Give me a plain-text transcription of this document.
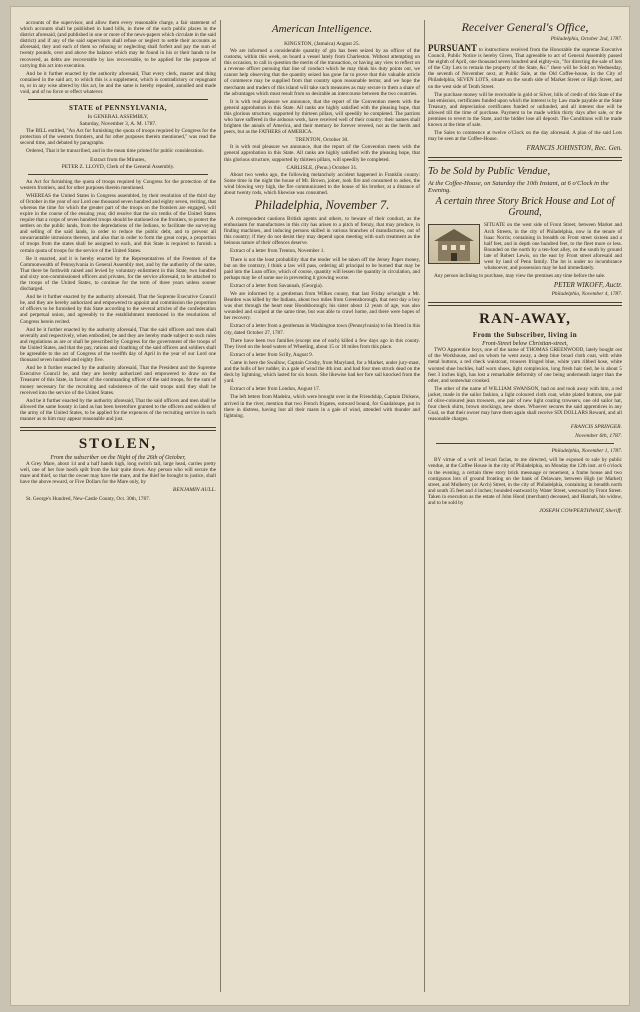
accounts of the supervisor, and allow them every reasonable charge, a fair statement of which accounts shall be published in hand bills, in three of the such public places in the district aforesaid, (and published in one or more of the news-papers which circulate in the said district) and if any of the said supervisors shall refuse or neglect to settle their accounts as aforesaid, they and each of them so refusing or neglecting shall forfeit and pay the sum of twenty pounds, over and above the balance which may be found in his or their hands to be recovered, as debts are recoverable by law recoverable, to be applied for the purpose of carrying this act into execution.

And be it further enacted by the authority aforesaid, That every clerk, master and thing contained in the said act, to which this is a supplement, which is contradictory or repugnant to, or in any wise altered by this act, be and the same is hereby repealed, annulled and made void, and of no force or effect whatever.

STATE of PENNSYLVANIA,
In GENERAL ASSEMBLY,
Saturday, November 3, A. M. 1787.

The BILL entitled, "An Act for furnishing the quota of troops required by Congress for the protection of the western frontiers, and for other purposes therein mentioned," was read the second time, and debated by paragraphs.

Ordered, That it be transcribed, and in the mean time printed for public consideration.

Extract from the Minutes,
PETER Z. LLOYD, Clerk of the General Assembly.

An Act for furnishing the quota of troops required by Congress for the protection of the western frontiers, and for other purposes therein mentioned.

WHEREAS the United States in Congress assembled, by their resolution of the third day of October in the year of our Lord one thousand seven hundred and eighty seven, reciting, that whereas the time for which the greater part of the troops on the frontiers are engaged, will expire in the course of the ensuing year, did resolve that the six tenths of the United States require that a corps of seven hundred troops should be stationed on the frontiers, to protect the settlers on the public lands, from the depredations of the Indians, to facilitate the surveying and selling of the said lands, in order to reduce the public debt, and to prevent all unwarrantable intrusions thereon, and also that in order to form the great corps, a proportion of troops from the states shall be assigned to each, and this State is required to furnish a certain quota of troops for the service of the United States.

Be it enacted, and it is hereby enacted by the Representatives of the Freemen of the Commonwealth of Pennsylvania in General Assembly met, and by the authority of the same, That there be forthwith raised and levied by voluntary enlistment in this State, two hundred and sixty non-commissioned officers and privates, for the service aforesaid, to be attached to the troops of the United States, to continue for the term of three years unless sooner discharged.

And be it further enacted by the authority aforesaid, That the Supreme Executive Council be, and they are hereby authorized and empowered to appoint and commission the proportion of officers to be furnished by this State according to the several articles of the confederation and perpetual union, and agreeably to the establishment mentioned in the resolutions of Congress herein recited.

And be it further enacted by the authority aforesaid, That the said officers and men shall severally and respectively, when embodied, be and they are hereby made subject to such rules and regulations as are or shall be prescribed by Congress for the government of the troops of the United States, and that the pay, rations and cloathing of the said officers and soldiers shall be agreeable to the act of Congress of the twelfth day of April in the year of our Lord one thousand seven hundred and eighty five.

And be it further enacted by the authority aforesaid, That the President and the Supreme Executive Council be, and they are hereby authorized and empowered to draw on the Treasurer of this State, in favour of the commanding officer of the said troops, for the sum of money necessary for the recruiting and subsistence of the said troops until they shall be received into the service of the United States.

And be it further enacted by the authority aforesaid, That the said officers and men shall be allowed the same bounty in land as has been heretofore granted to the officers and soldiers of the army of the United States, to be applied for the expences of the recruiting service in such manner as to him may appear reasonable and just.

STOLEN,
From the subscriber on the Night of the 26th of October,

A Grey Mare, about 14 and a half hands high, long switch tail, large head, carries pretty well, one of her fore hoofs split from the hair quite down. Any person who will secure the mare and thief, so that the owner may have the mare, and the thief be brought to justice, shall have the above reward, or Five Dollars for the Mare only, by

BENJAMIN AULL.

St. George's Hundred, New-Castle County, Oct. 30th, 1787.

American Intelligence.
KINGSTON, (Jamaica) August 25.

We are informed a considerable quantity of gin has been seized by an officer of the customs, within this week, on board a vessel lately from Charleston. Without attempting on this occasion, to call in question the merits of the transaction, or having any view to reflect on a revenue officer pursuing that line of conduct which he may think his duty points out, we cannot help observing that the quantity seized has gone far to prove that this valuable article of commerce may be supplied from that country upon reasonable terms; and we hope the merchants and traders of this island will take such measures as may secure to them a share of the advantages which must result from so desirable an intercourse between the two countries.

It is with real pleasure we announce, that the report of the Convention meets with the general approbation in this State. All ranks are highly satisfied with the pleasing hope, that this glorious structure, supported by thirteen pillars, will speedily be completed. The patriots who have suffered in the arduous work, have received well of their country: their names shall brighten the annals of America, and their memory be forever revered, not as the herds and peers, but as the FATHERS of AMERICA.

TRENTON, October 30.

It is with real pleasure we announce, that the report of the Convention meets with the general approbation in this State. All ranks are highly satisfied with the pleasing hope, that this glorious structure, supported by thirteen pillars, will speedily be completed.

CARLISLE, (Penn.) October 31.

About two weeks ago, the following melancholy accident happened in Franklin county: Some time in the night the house of Mr. Brown, joiner, took fire and consumed to ashes, the wind blowing very high, the fire communicated to the house of his brother, at a distance of about twenty rods, which likewise was consumed.

Philadelphia, November 7.

A correspondent cautions British agents and others, to beware of their conduct, as the enthusiasm for manufactures in this city has arisen to a pitch of frenzy, that may produce, in finding machines, and inducing persons skilled in various branches of manufactures, out of this country; if they do not desist they may depend upon meeting with such treatment as the heinous nature of their offences deserve.

Extract of a letter from Trenton, November 1.

There is not the least probability that the tender will be taken off the Jersey Paper money, but on the contrary, I think a law will pass, ordering all principal to be burned that may be paid into the Loan office, which of course, quantity will lessen the quantity in circulation, and perhaps may be of some use in preventing it growing worse.

Extract of a letter from Savannah, (Georgia).

We are informed by a gentleman from Wilkes county, that last Friday se'nnight a Mr. Bearden was killed by the Indians, about two miles from Greensborough, that next day a boy was shot through the heart near Hoodsborough; his sister about 12 years of age, was also wounded and scalped at the same time, but was able to crawl home, and there were hopes of her recovery.

Extract of a letter from a gentleman in Washington town (Pennsylvania) to his friend in this city, dated October 27, 1787.

There have been two families (except one of each) killed a few days ago in this county. They lived on the head waters of Wheeling, about 15 or 18 miles from this place.

Extract of a letter from Scilly, August 9.

Came in here the Swallow, Captain Crosby, from Maryland, for a Market, under jury-mast, and the hulls of her rudder, in a gale of wind the 4th inst. and had four men struck dead on the deck by lightning, which lasted for six hours. She likewise had her fore sail knocked from the yard.

Extract of a letter from London, August 17.

The left letters from Madeira, which were brought over in the Friendship, Captain Dickens, arrived in the river, mention that two French frigates, outward bound, for Guadaloupe, put in there in distress, having lost all their masts in a gale of wind, attended with thunder and lightning.

Receiver General's Office,
Philadelphia, October 2nd, 1787.

PURSUANT to instructions received from the Honorable the supreme Executive Council, Public Notice is hereby Given, That agreeable to act of General Assembly passed the eighth of April, one thousand seven hundred and eighty-six, "for directing the sale of lots of the City Lots to remain the property of the State, &c." there will be Sold on Wednesday, the seventh of November next, at Public Sale, at the Old Coffee-house, in the City of Philadelphia, SEVEN LOTS, situate on the south side of Market Street or High Street, and on the west side of Tenth Street.

The purchase money will be receivable in gold or Silver, bills of credit of this State of the last emission, certificates funded upon which the interest is by Law made payable at the State Treasury, and depreciation certificates funded or unfunded, and all interest due will be allowed till the time of purchase. Payment to be made within thirty days after sale, or the premises to revert to the State, and the bidder lose all deposit. The Conditions will be made known at the time of sale.

The Sales to commence at twelve o'Clock on the day aforesaid. A plan of the said Lots may be seen at the Coffee-House.

FRANCIS JOHNSTON, Rec. Gen.
To be Sold by Public Vendue,
At the Coffee-House, on Saturday the 10th Instant, at 6 o'Clock in the Evening.
A certain three Story Brick House and Lot of Ground,

SITUATE on the west side of Front Street, between Market and Arch Streets, in the city of Philadelphia, now in the tenure of Isaac Norris; containing in breadth on Front street sixteen and a half feet, and in depth one hundred feet, to the fleet more or less. Bounded on the north by a ten-foot alley, on the south by ground late of Robert Lewis, on the east by Front street aforesaid and west by land of Penn family. The lot is under no incumbrance whatsoever, and possession may be had immediately.

Any person inclining to purchase, may view the premises any time before the sale.

PETER WIKOFF, Auctr.
Philadelphia, November 4, 1787.
RAN-AWAY,
From the Subscriber, living in
Front-Street below Christian-street,

TWO Apprentice boys, one of the name of THOMAS GREENWOOD, lately bought out of the Workhouse, and on whom he went away, a deep blue broad cloth coat, with white metal buttons, a red check waistcoat, trousers fringed blue, white yarn ribbed hose, white worsted shoe buckles, half worn shoes, light complexion, long fresh hair tied, he is about 5 feet 3 inches high, has lost a remarkable deformity of one being underneath larger than the other, and somewhat crooked.

The other of the name of WILLIAM SWANSON, had on and took away with him, a red jacket, made in the sailor fashion, a light coloured cloth coat, white plated buttons, one pair of olive-coloured jean trowsers, one pair of new light coating trowsers, one old sailor hat, four check shirts, brown stockings, new shoes. Whoever secures the said apprentices in any Goal, so that their owner may have them again shall receive SIX DOLLARS Reward, and all reasonable charges.

FRANCIS SPRINGER.
November 6th, 1787.
Philadelphia, November 1, 1787.

BY virtue of a writ of levari facias, to me directed, will be exposed to sale by public vendue, at the Coffee House in the city of Philadelphia, on Monday the 12th inst. at 6 o'clock in the evening, a certain three story brick messuage or tenement, a frame house and two contiguous lots of ground fronting on the bank of Delaware, between High (or Market) street, and Mulberry (or Arch) Street, in the city of Philadelphia, containing in breadth north and south 35 feet and 4 inches; bounded eastward by Water Street, westward by Front Street. Taken in execution as the estate of John Hood (merchant) deceased, and Hannah, his widow, and to be sold by

JOSEPH COWPERTHWAIT, Sheriff.
